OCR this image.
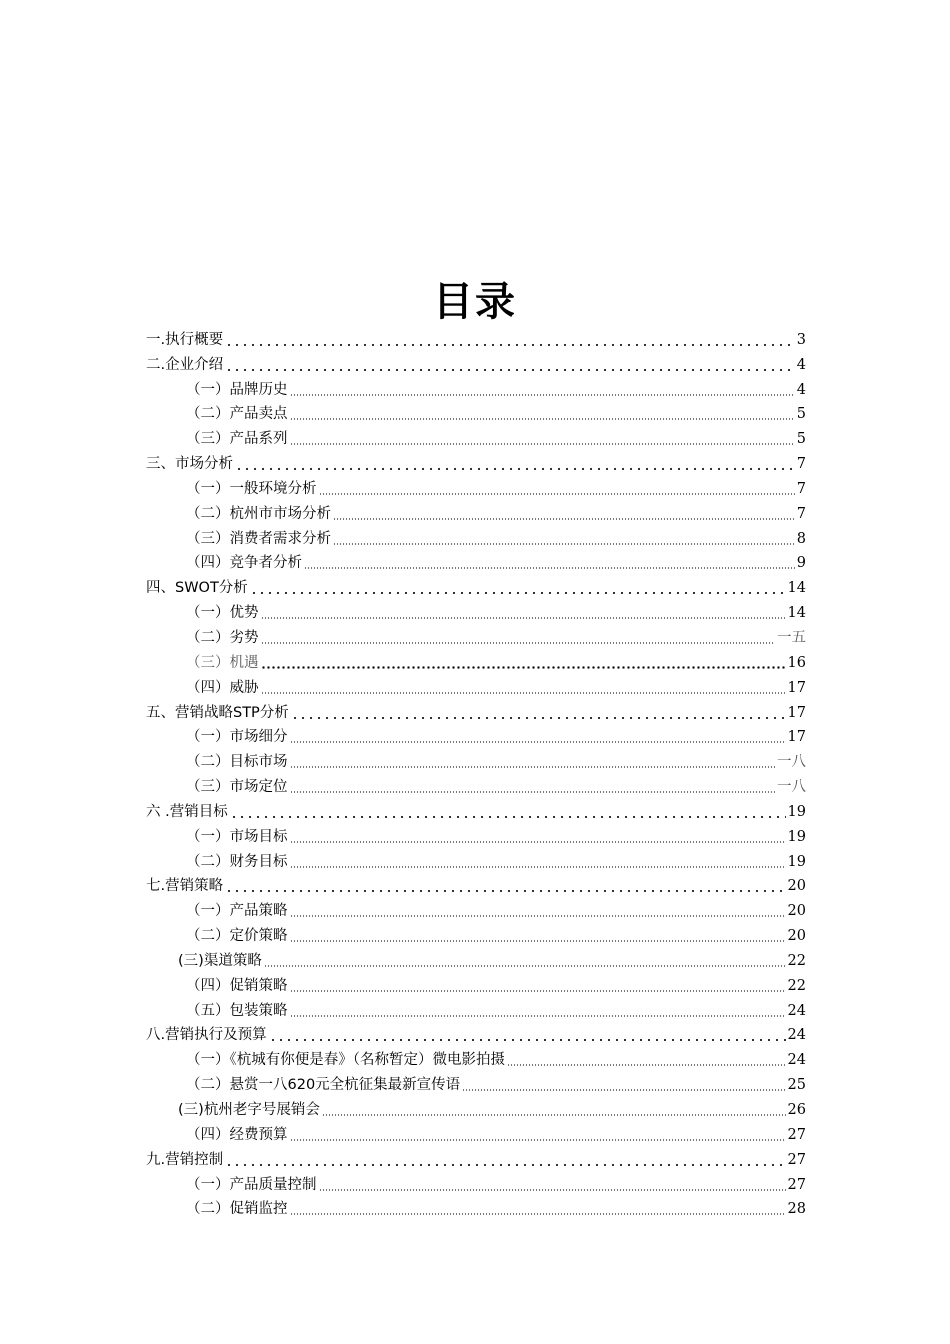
目录
一.执行概要	3
二.企业介绍	4
（一）品牌历史	4
（二）产品卖点	5
（三）产品系列	5
三、市场分析	7
（一）一般环境分析	7
（二）杭州市市场分析	7
（三）消费者需求分析	8
（四）竞争者分析	9
四、SWOT分析	14
（一）优势	14
（二）劣势	一五
（三）机遇	16
（四）威胁	17
五、营销战略STP分析	17
（一）市场细分	17
（二）目标市场	一八
（三）市场定位	一八
六 .营销目标	19
（一）市场目标	19
（二）财务目标	19
七.营销策略	20
（一）产品策略	20
（二）定价策略	20
(三)渠道策略	22
（四）促销策略	22
（五）包装策略	24
八.营销执行及预算	24
（一）《杭城有你便是春》（名称暂定）微电影拍摄	24
（二）悬赏一八620元全杭征集最新宣传语	25
(三)杭州老字号展销会	26
（四）经费预算	27
九.营销控制	27
（一）产品质量控制	27
（二）促销监控	28
